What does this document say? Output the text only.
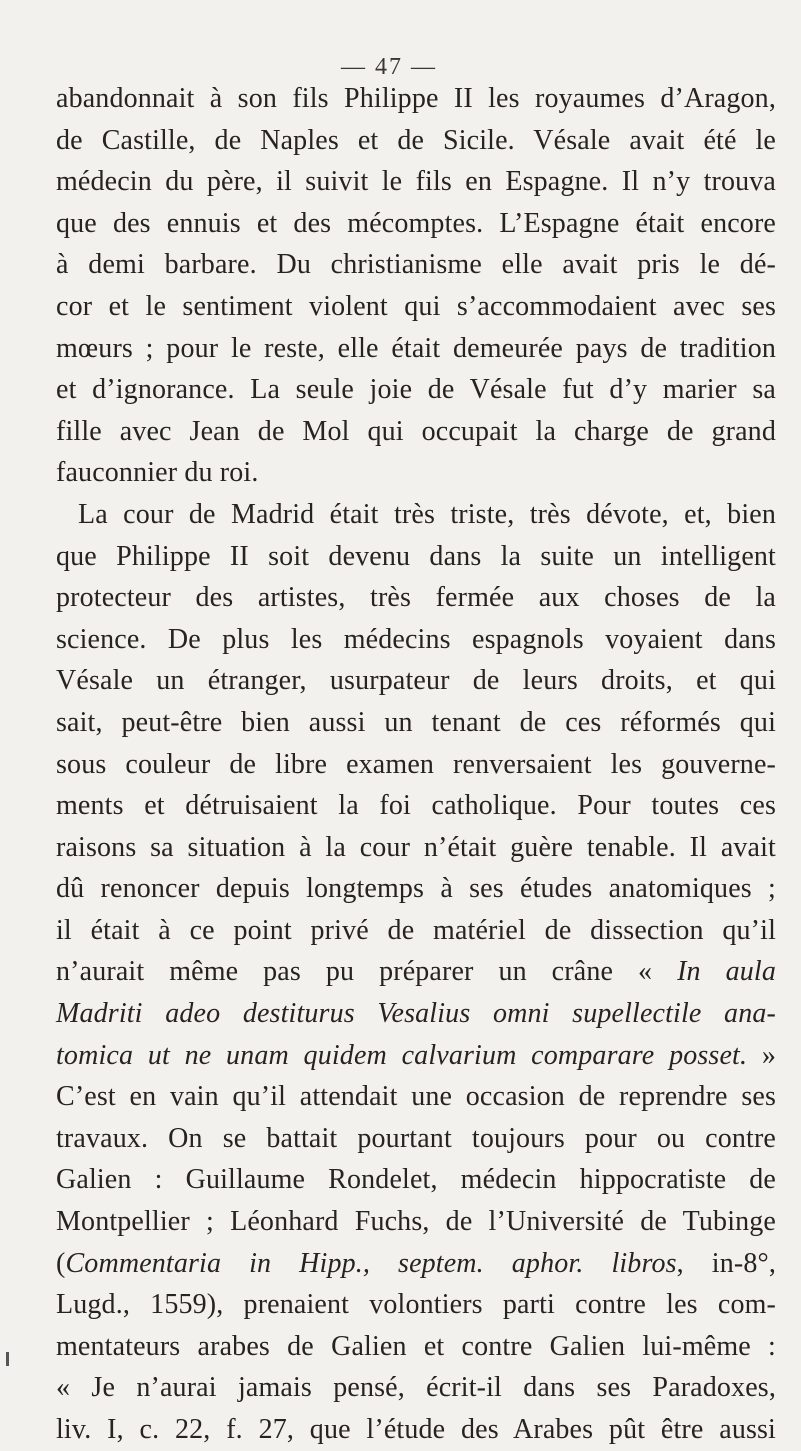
— 47 —
abandonnait à son fils Philippe II les royaumes d’Aragon,
de Castille, de Naples et de Sicile. Vésale avait été le
médecin du père, il suivit le fils en Espagne. Il n’y trouva
que des ennuis et des mécomptes. L’Espagne était encore
à demi barbare. Du christianisme elle avait pris le dé-
cor et le sentiment violent qui s’accommodaient avec ses
mœurs ; pour le reste, elle était demeurée pays de tradition
et d’ignorance. La seule joie de Vésale fut d’y marier sa
fille avec Jean de Mol qui occupait la charge de grand
fauconnier du roi.
La cour de Madrid était très triste, très dévote, et, bien
que Philippe II soit devenu dans la suite un intelligent
protecteur des artistes, très fermée aux choses de la
science. De plus les médecins espagnols voyaient dans
Vésale un étranger, usurpateur de leurs droits, et qui
sait, peut-être bien aussi un tenant de ces réformés qui
sous couleur de libre examen renversaient les gouverne-
ments et détruisaient la foi catholique. Pour toutes ces
raisons sa situation à la cour n’était guère tenable. Il avait
dû renoncer depuis longtemps à ses études anatomiques ;
il était à ce point privé de matériel de dissection qu’il
n’aurait même pas pu préparer un crâne « In aula
Madriti adeo destiturus Vesalius omni supellectile ana-
tomica ut ne unam quidem calvarium comparare posset. »
C’est en vain qu’il attendait une occasion de reprendre ses
travaux. On se battait pourtant toujours pour ou contre
Galien : Guillaume Rondelet, médecin hippocratiste de
Montpellier ; Léonhard Fuchs, de l’Université de Tubinge
(Commentaria in Hipp., septem. aphor. libros, in-8°,
Lugd., 1559), prenaient volontiers parti contre les com-
mentateurs arabes de Galien et contre Galien lui-même :
« Je n’aurai jamais pensé, écrit-il dans ses Paradoxes,
liv. I, c. 22, f. 27, que l’étude des Arabes pût être aussi
